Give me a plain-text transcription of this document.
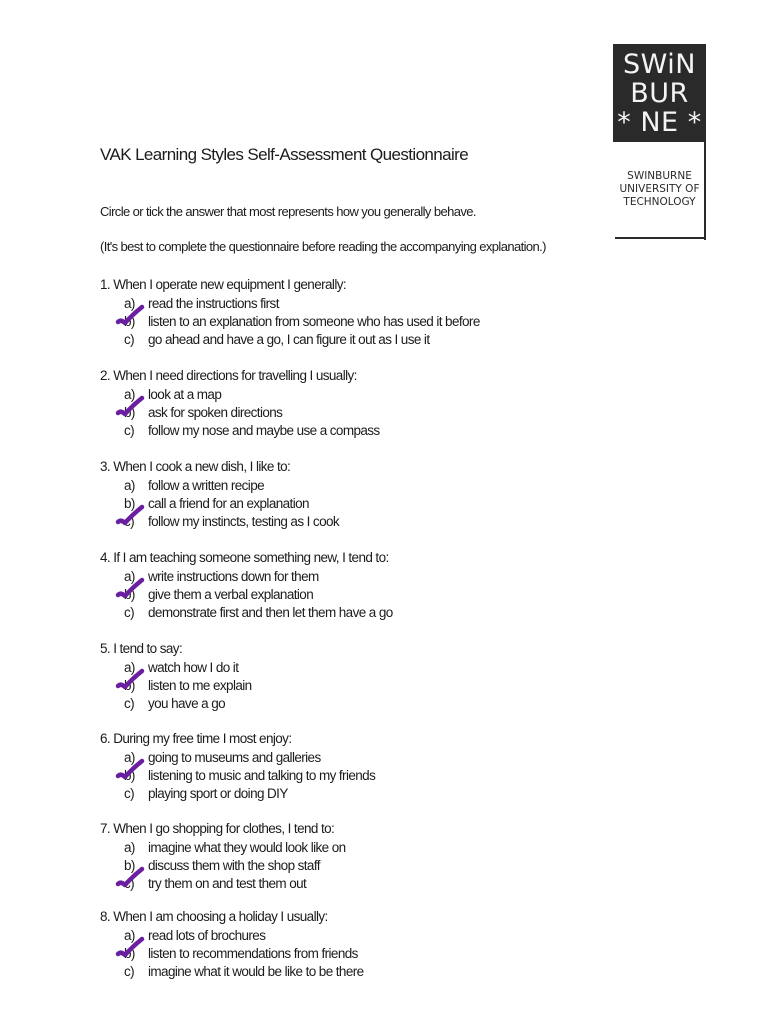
SWiN
BUR
* NE *
SWINBURNE
UNIVERSITY OF
TECHNOLOGY
VAK Learning Styles Self-Assessment Questionnaire
Circle or tick the answer that most represents how you generally behave.
(It's best to complete the questionnaire before reading the accompanying explanation.)
1. When I operate new equipment I generally:
a) read the instructions first
b) listen to an explanation from someone who has used it before
c) go ahead and have a go, I can figure it out as I use it
2. When I need directions for travelling I usually:
a) look at a map
b) ask for spoken directions
c) follow my nose and maybe use a compass
3. When I cook a new dish, I like to:
a) follow a written recipe
b) call a friend for an explanation
c) follow my instincts, testing as I cook
4. If I am teaching someone something new, I tend to:
a) write instructions down for them
b) give them a verbal explanation
c) demonstrate first and then let them have a go
5. I tend to say:
a) watch how I do it
b) listen to me explain
c) you have a go
6. During my free time I most enjoy:
a) going to museums and galleries
b) listening to music and talking to my friends
c) playing sport or doing DIY
7. When I go shopping for clothes, I tend to:
a) imagine what they would look like on
b) discuss them with the shop staff
c) try them on and test them out
8. When I am choosing a holiday I usually:
a) read lots of brochures
b) listen to recommendations from friends
c) imagine what it would be like to be there
